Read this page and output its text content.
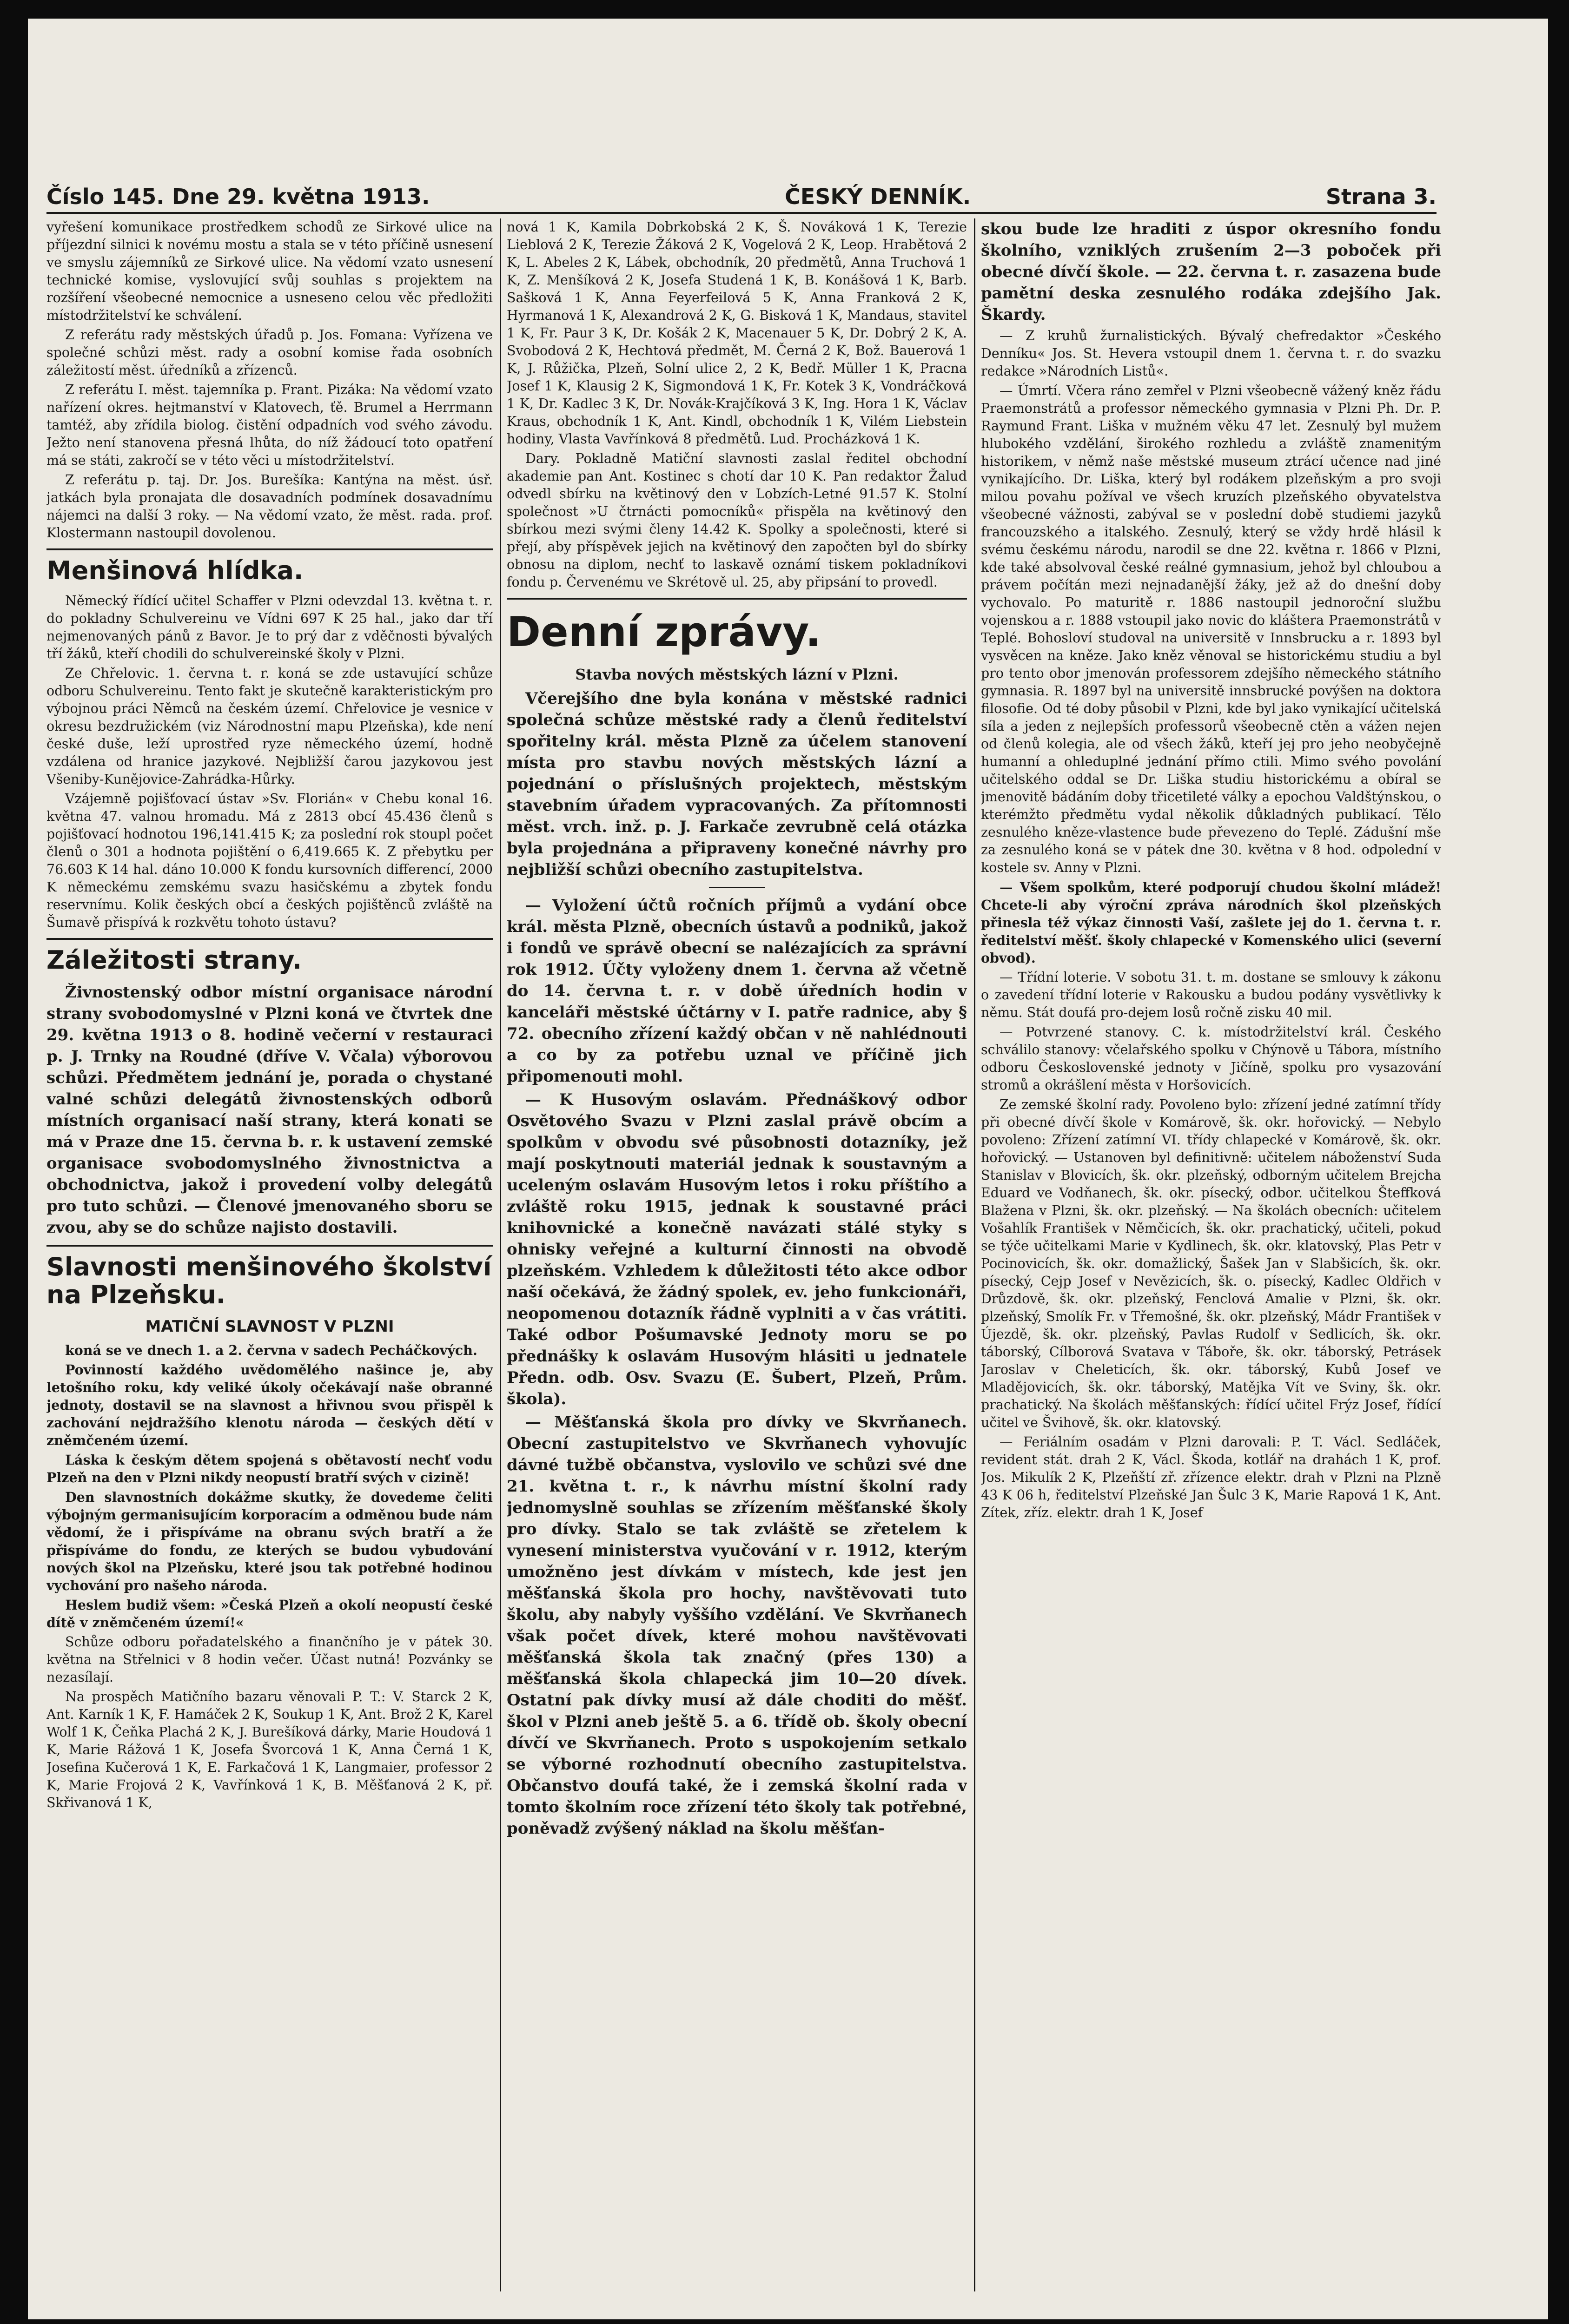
Číslo 145. Dne 29. května 1913.	ČESKÝ DENNÍK.	Strana 3.

vyřešení komunikace prostředkem schodů ze Sirkové ulice na příjezdní silnici k novému mostu a stala se v této příčině usnesení ve smyslu zájemníků ze Sirkové ulice. Na vědomí vzato usnesení technické komise, vyslovující svůj souhlas s projektem na rozšíření všeobecné nemocnice a usneseno celou věc předložiti místodržitelství ke schválení.

Z referátu rady městských úřadů p. Jos. Fomana: Vyřízena ve společné schůzi měst. rady a osobní komise řada osobních záležitostí měst. úředníků a zřízenců.

Z referátu I. měst. tajemníka p. Frant. Pizáka: Na vědomí vzato nařízení okres. hejtmanství v Klatovech, ťě. Brumel a Herrmann tamtéž, aby zřídila biolog. čistění odpadních vod svého závodu. Ježto není stanovena přesná lhůta, do níž žádoucí toto opatření má se státi, zakročí se v této věci u místodržitelství.

Z referátu p. taj. Dr. Jos. Burešíka: Kantýna na měst. úsř. jatkách byla pronajata dle dosavadních podmínek dosavadnímu nájemci na další 3 roky. — Na vědomí vzato, že měst. rada. prof. Klostermann nastoupil dovolenou.

Menšinová hlídka.

Německý řídící učitel Schaffer v Plzni odevzdal 13. května t. r. do pokladny Schulvereinu ve Vídni 697 K 25 hal., jako dar tří nejmenovaných pánů z Bavor. Je to prý dar z vděčnosti bývalých tří žáků, kteří chodili do schulvereinské školy v Plzni.

Ze Chřelovic. 1. června t. r. koná se zde ustavující schůze odboru Schulvereinu. Tento fakt je skutečně karakteristickým pro výbojnou práci Němců na českém území. Chřelovice je vesnice v okresu bezdružickém (viz Národnostní mapu Plzeňska), kde není české duše, leží uprostřed ryze německého území, hodně vzdálena od hranice jazykové. Nejbližší čarou jazykovou jest Všeniby-Kunějovice-Zahrádka-Hůrky.

Vzájemně pojišťovací ústav »Sv. Florián« v Chebu konal 16. května 47. valnou hromadu. Má z 2813 obcí 45.436 členů s pojišťovací hodnotou 196,141.415 K; za poslední rok stoupl počet členů o 301 a hodnota pojištění o 6,419.665 K. Z přebytku per 76.603 K 14 hal. dáno 10.000 K fondu kursovních differencí, 2000 K německému zemskému svazu hasičskému a zbytek fondu reservnímu. Kolik českých obcí a českých pojištěnců zvláště na Šumavě přispívá k rozkvětu tohoto ústavu?

Záležitosti strany.

Živnostenský odbor místní organisace národní strany svobodomyslné v Plzni koná ve čtvrtek dne 29. května 1913 o 8. hodině večerní v restauraci p. J. Trnky na Roudné (dříve V. Včala) výborovou schůzi. Předmětem jednání je, porada o chystané valné schůzi delegátů živnostenských odborů místních organisací naší strany, která konati se má v Praze dne 15. června b. r. k ustavení zemské organisace svobodomyslného živnostnictva a obchodnictva, jakož i provedení volby delegátů pro tuto schůzi. — Členové jmenovaného sboru se zvou, aby se do schůze najisto dostavili.

Slavnosti menšinového školství na Plzeňsku.
MATIČNÍ SLAVNOST V PLZNI

koná se ve dnech 1. a 2. června v sadech Pecháčkových.

Povinností každého uvědomělého našince je, aby letošního roku, kdy veliké úkoly očekávají naše obranné jednoty, dostavil se na slavnost a hřivnou svou přispěl k zachování nejdražšího klenotu národa — českých dětí v zněmčeném území.

Láska k českým dětem spojená s obětavostí nechť vodu Plzeň na den v Plzni nikdy neopustí bratří svých v cizině!

Den slavnostních dokážme skutky, že dovedeme čeliti výbojným germanisujícím korporacím a odměnou bude nám vědomí, že i přispíváme na obranu svých bratří a že přispíváme do fondu, ze kterých se budou vybudování nových škol na Plzeňsku, které jsou tak potřebné hodinou vychování pro našeho národa.

Heslem budiž všem: »Česká Plzeň a okolí neopustí české dítě v zněmčeném území!«

Schůze odboru pořadatelského a finančního je v pátek 30. května na Střelnici v 8 hodin večer. Účast nutná! Pozvánky se nezasílají.

Na prospěch Matičního bazaru věnovali P. T.: V. Starck 2 K, Ant. Karník 1 K, F. Hamáček 2 K, Soukup 1 K, Ant. Brož 2 K, Karel Wolf 1 K, Čeňka Plachá 2 K, J. Burešíková dárky, Marie Houdová 1 K, Marie Rážová 1 K, Josefa Švorcová 1 K, Anna Černá 1 K, Josefina Kučerová 1 K, E. Farkačová 1 K, Langmaier, professor 2 K, Marie Frojová 2 K, Vavřínková 1 K, B. Měšťanová 2 K, př. Skřivanová 1 K,

nová 1 K, Kamila Dobrkobská 2 K, Š. Nováková 1 K, Terezie Lieblová 2 K, Terezie Žáková 2 K, Vogelová 2 K, Leop. Hrabětová 2 K, L. Abeles 2 K, Lábek, obchodník, 20 předmětů, Anna Truchová 1 K, Z. Menšíková 2 K, Josefa Studená 1 K, B. Konášová 1 K, Barb. Sašková 1 K, Anna Feyerfeilová 5 K, Anna Franková 2 K, Hyrmanová 1 K, Alexandrová 2 K, G. Bisková 1 K, Mandaus, stavitel 1 K, Fr. Paur 3 K, Dr. Košák 2 K, Macenauer 5 K, Dr. Dobrý 2 K, A. Svobodová 2 K, Hechtová předmět, M. Černá 2 K, Bož. Bauerová 1 K, J. Růžička, Plzeň, Solní ulice 2, 2 K, Bedř. Müller 1 K, Pracna Josef 1 K, Klausig 2 K, Sigmondová 1 K, Fr. Kotek 3 K, Vondráčková 1 K, Dr. Kadlec 3 K, Dr. Novák-Krajčíková 3 K, Ing. Hora 1 K, Václav Kraus, obchodník 1 K, Ant. Kindl, obchodník 1 K, Vilém Liebstein hodiny, Vlasta Vavřínková 8 předmětů. Lud. Procházková 1 K.

Dary. Pokladně Matiční slavnosti zaslal ředitel obchodní akademie pan Ant. Kostinec s chotí dar 10 K. Pan redaktor Žalud odvedl sbírku na květinový den v Lobzích-Letné 91.57 K. Stolní společnost »U čtrnácti pomocníků« přispěla na květinový den sbírkou mezi svými členy 14.42 K. Spolky a společnosti, které si přejí, aby příspěvek jejich na květinový den započten byl do sbírky obnosu na diplom, nechť to laskavě oznámí tiskem pokladníkovi fondu p. Červenému ve Skrétově ul. 25, aby připsání to provedl.

Denní zprávy.
Stavba nových městských lázní v Plzni.

Včerejšího dne byla konána v městské radnici společná schůze městské rady a členů ředitelství spořitelny král. města Plzně za účelem stanovení místa pro stavbu nových městských lázní a pojednání o příslušných projektech, městským stavebním úřadem vypracovaných. Za přítomnosti měst. vrch. inž. p. J. Farkače zevrubně celá otázka byla projednána a připraveny konečné návrhy pro nejbližší schůzi obecního zastupitelstva.

— Vyložení účtů ročních příjmů a vydání obce král. města Plzně, obecních ústavů a podniků, jakož i fondů ve správě obecní se nalézajících za správní rok 1912. Účty vyloženy dnem 1. června až včetně do 14. června t. r. v době úředních hodin v kanceláři městské účtárny v I. patře radnice, aby § 72. obecního zřízení každý občan v ně nahlédnouti a co by za potřebu uznal ve příčině jich připomenouti mohl.

— K Husovým oslavám. Přednáškový odbor Osvětového Svazu v Plzni zaslal právě obcím a spolkům v obvodu své působnosti dotazníky, jež mají poskytnouti materiál jednak k soustavným a uceleným oslavám Husovým letos i roku příštího a zvláště roku 1915, jednak k soustavné práci knihovnické a konečně navázati stálé styky s ohnisky veřejné a kulturní činnosti na obvodě plzeňském. Vzhledem k důležitosti této akce odbor naší očekává, že žádný spolek, ev. jeho funkcionáři, neopomenou dotazník řádně vyplniti a v čas vrátiti. Také odbor Pošumavské Jednoty moru se po přednášky k oslavám Husovým hlásiti u jednatele Předn. odb. Osv. Svazu (E. Šubert, Plzeň, Prům. škola).

— Měšťanská škola pro dívky ve Skvrňanech. Obecní zastupitelstvo ve Skvrňanech vyhovujíc dávné tužbě občanstva, vyslovilo ve schůzi své dne 21. května t. r., k návrhu místní školní rady jednomyslně souhlas se zřízením měšťanské školy pro dívky. Stalo se tak zvláště se zřetelem k vynesení ministerstva vyučování v r. 1912, kterým umožněno jest dívkám v místech, kde jest jen měšťanská škola pro hochy, navštěvovati tuto školu, aby nabyly vyššího vzdělání. Ve Skvrňanech však počet dívek, které mohou navštěvovati měšťanská škola tak značný (přes 130) a měšťanská škola chlapecká jim 10—20 dívek. Ostatní pak dívky musí až dále choditi do měšť. škol v Plzni aneb ještě 5. a 6. třídě ob. školy obecní dívčí ve Skvrňanech. Proto s uspokojením setkalo se výborné rozhodnutí obecního zastupitelstva. Občanstvo doufá také, že i zemská školní rada v tomto školním roce zřízení této školy tak potřebné, poněvadž zvýšený náklad na školu měšťan-

skou bude lze hraditi z úspor okresního fondu školního, vzniklých zrušením 2—3 poboček při obecné dívčí škole. — 22. června t. r. zasazena bude pamětní deska zesnulého rodáka zdejšího Jak. Škardy.

— Z kruhů žurnalistických. Bývalý chefredaktor »Českého Denníku« Jos. St. Hevera vstoupil dnem 1. června t. r. do svazku redakce »Národních Listů«.

— Úmrtí. Včera ráno zemřel v Plzni všeobecně vážený kněz řádu Praemonstrátů a professor německého gymnasia v Plzni Ph. Dr. P. Raymund Frant. Liška v mužném věku 47 let. Zesnulý byl mužem hlubokého vzdělání, širokého rozhledu a zvláště znamenitým historikem, v němž naše městské museum ztrácí učence nad jiné vynikajícího. Dr. Liška, který byl rodákem plzeňským a pro svoji milou povahu požíval ve všech kruzích plzeňského obyvatelstva všeobecné vážnosti, zabýval se v poslední době studiemi jazyků francouzského a italského. Zesnulý, který se vždy hrdě hlásil k svému českému národu, narodil se dne 22. května r. 1866 v Plzni, kde také absolvoval české reálné gymnasium, jehož byl chloubou a právem počítán mezi nejnadanější žáky, jež až do dnešní doby vychovalo. Po maturitě r. 1886 nastoupil jednoroční službu vojenskou a r. 1888 vstoupil jako novic do kláštera Praemonstrátů v Teplé. Bohosloví studoval na universitě v Innsbrucku a r. 1893 byl vysvěcen na kněze. Jako kněz věnoval se historickému studiu a byl pro tento obor jmenován professorem zdejšího německého státního gymnasia. R. 1897 byl na universitě innsbrucké povýšen na doktora filosofie. Od té doby působil v Plzni, kde byl jako vynikající učitelská síla a jeden z nejlepších professorů všeobecně ctěn a vážen nejen od členů kolegia, ale od všech žáků, kteří jej pro jeho neobyčejně humanní a ohleduplné jednání přímo ctili. Mimo svého povolání učitelského oddal se Dr. Liška studiu historickému a obíral se jmenovitě bádáním doby třicetileté války a epochou Valdštýnskou, o kterémžto předmětu vydal několik důkladných publikací. Tělo zesnulého kněze-vlastence bude převezeno do Teplé. Zádušní mše za zesnulého koná se v pátek dne 30. května v 8 hod. odpolední v kostele sv. Anny v Plzni.

— Všem spolkům, které podporují chudou školní mládež! Chcete-li aby výroční zpráva národních škol plzeňských přinesla též výkaz činnosti Vaší, zašlete jej do 1. června t. r. ředitelství měšť. školy chlapecké v Komenského ulici (severní obvod).

— Třídní loterie. V sobotu 31. t. m. dostane se smlouvy k zákonu o zavedení třídní loterie v Rakousku a budou podány vysvětlivky k němu. Stát doufá pro-dejem losů ročně zisku 40 mil.

— Potvrzené stanovy. C. k. místodržitelství král. Českého schválilo stanovy: včelařského spolku v Chýnově u Tábora, místního odboru Československé jednoty v Jičíně, spolku pro vysazování stromů a okrášlení města v Horšovicích.

Ze zemské školní rady. Povoleno bylo: zřízení jedné zatímní třídy při obecné dívčí škole v Komárově, šk. okr. hořovický. — Nebylo povoleno: Zřízení zatímní VI. třídy chlapecké v Komárově, šk. okr. hořovický. — Ustanoven byl definitivně: učitelem náboženství Suda Stanislav v Blovicích, šk. okr. plzeňský, odborným učitelem Brejcha Eduard ve Vodňanech, šk. okr. písecký, odbor. učitelkou Šteffková Blažena v Plzni, šk. okr. plzeňský. — Na školách obecních: učitelem Vošahlík František v Němčicích, šk. okr. prachatický, učiteli, pokud se týče učitelkami Marie v Kydlinech, šk. okr. klatovský, Plas Petr v Pocinovicích, šk. okr. domažlický, Šašek Jan v Slabšicích, šk. okr. písecký, Cejp Josef v Nevězicích, šk. o. písecký, Kadlec Oldřich v Drůzdově, šk. okr. plzeňský, Fenclová Amalie v Plzni, šk. okr. plzeňský, Smolík Fr. v Třemošné, šk. okr. plzeňský, Mádr František v Újezdě, šk. okr. plzeňský, Pavlas Rudolf v Sedlicích, šk. okr. táborský, Cílborová Svatava v Táboře, šk. okr. táborský, Petrásek Jaroslav v Cheleticích, šk. okr. táborský, Kubů Josef ve Mladějovicích, šk. okr. táborský, Matějka Vít ve Sviny, šk. okr. prachatický. Na školách měšťanských: řídící učitel Frýz Josef, řídící učitel ve Švihově, šk. okr. klatovský.

— Feriálním osadám v Plzni darovali: P. T. Václ. Sedláček, revident stát. drah 2 K, Václ. Škoda, kotlář na drahách 1 K, prof. Jos. Mikulík 2 K, Plzeňští zř. zřízence elektr. drah v Plzni na Plzně 43 K 06 h, ředitelství Plzeňské Jan Šulc 3 K, Marie Rapová 1 K, Ant. Zítek, zříz. elektr. drah 1 K, Josef
